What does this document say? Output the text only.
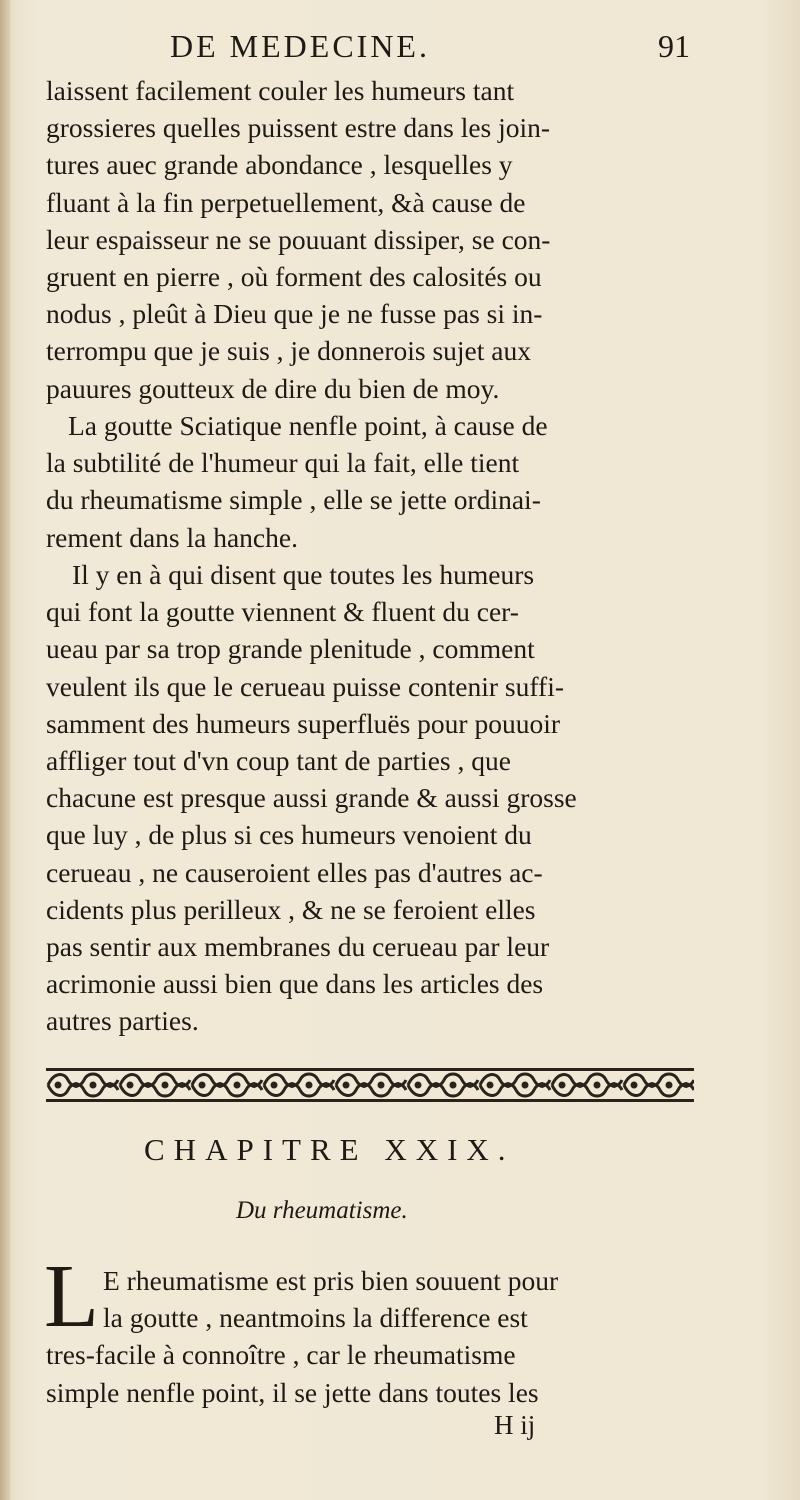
DE MEDECINE.	91
laissent facilement couler les humeurs tant
grossieres quelles puissent estre dans les join-
tures auec grande abondance , lesquelles y
fluant à la fin perpetuellement, &à cause de
leur espaisseur ne se pouuant dissiper, se con-
gruent en pierre , où forment des calosités ou
nodus , pleût à Dieu que je ne fusse pas si in-
terrompu que je suis , je donnerois sujet aux
pauures goutteux de dire du bien de moy.
La goutte Sciatique nenfle point, à cause de
la subtilité de l'humeur qui la fait, elle tient
du rheumatisme simple , elle se jette ordinai-
rement dans la hanche.
Il y en à qui disent que toutes les humeurs
qui font la goutte viennent & fluent du cer-
ueau par sa trop grande plenitude , comment
veulent ils que le cerueau puisse contenir suffi-
samment des humeurs superfluës pour pouuoir
affliger tout d'vn coup tant de parties , que
chacune est presque aussi grande & aussi grosse
que luy , de plus si ces humeurs venoient du
cerueau , ne causeroient elles pas d'autres ac-
cidents plus perilleux , & ne se feroient elles
pas sentir aux membranes du cerueau par leur
acrimonie aussi bien que dans les articles des
autres parties.
CHAPITRE XXIX.
Du rheumatisme.
L E rheumatisme est pris bien souuent pour
la goutte , neantmoins la difference est
tres-facile à connoître , car le rheumatisme
simple nenfle point, il se jette dans toutes les
H ij
